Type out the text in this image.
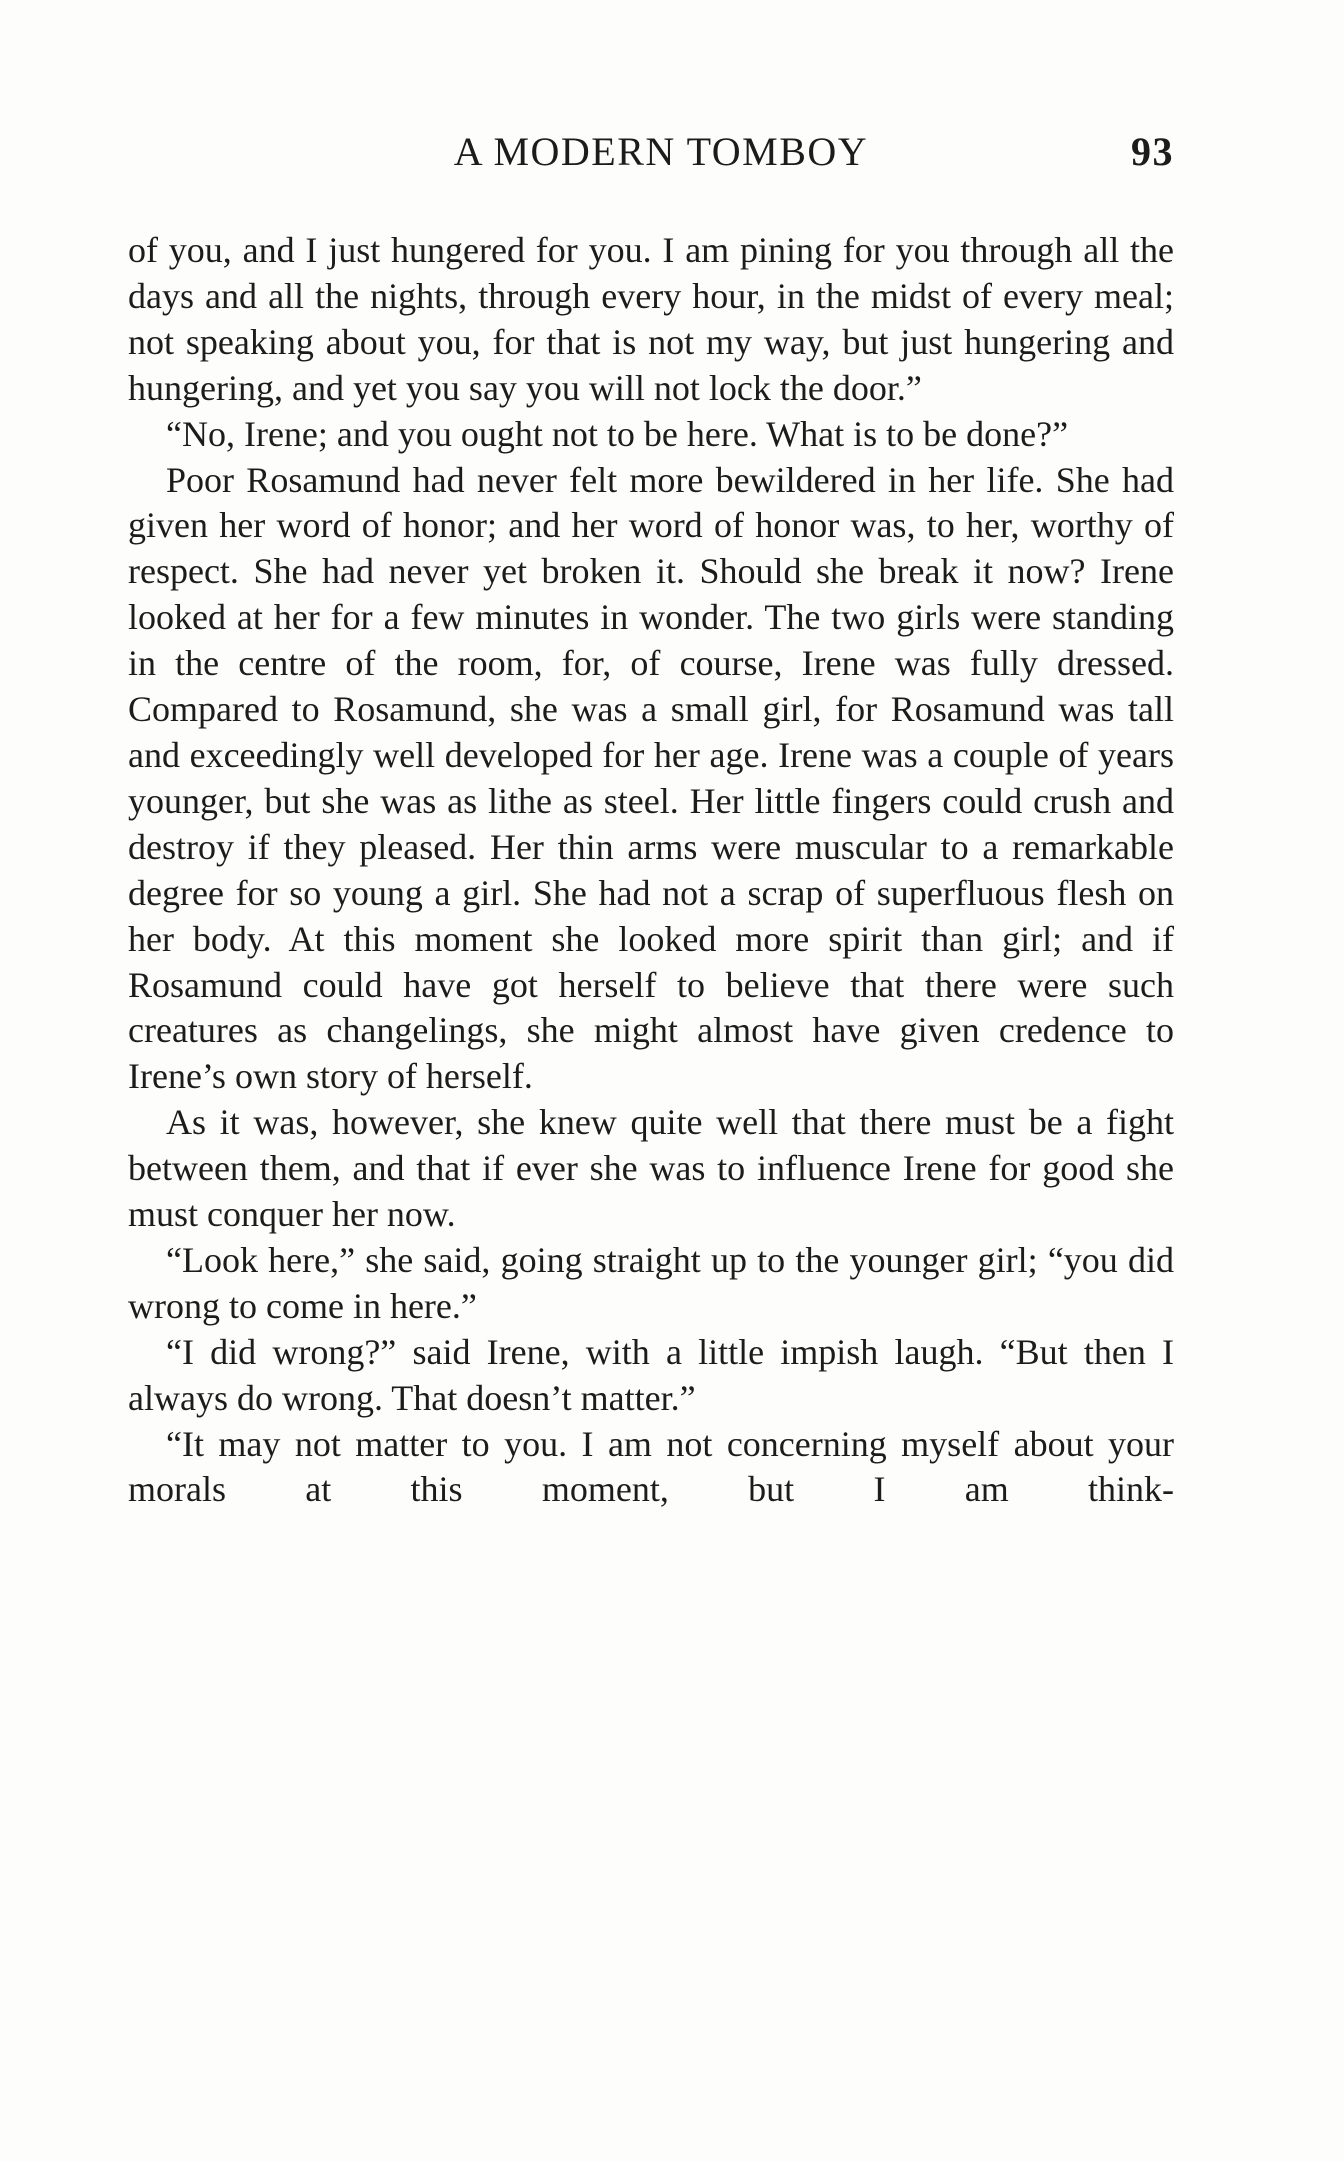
A MODERN TOMBOY	93

of you, and I just hungered for you. I am pining for you through all the days and all the nights, through every hour, in the midst of every meal; not speaking about you, for that is not my way, but just hungering and hungering, and yet you say you will not lock the door.”

“No, Irene; and you ought not to be here. What is to be done?”

Poor Rosamund had never felt more bewildered in her life. She had given her word of honor; and her word of honor was, to her, worthy of respect. She had never yet broken it. Should she break it now? Irene looked at her for a few minutes in wonder. The two girls were standing in the centre of the room, for, of course, Irene was fully dressed. Compared to Rosamund, she was a small girl, for Rosamund was tall and exceedingly well developed for her age. Irene was a couple of years younger, but she was as lithe as steel. Her little fingers could crush and destroy if they pleased. Her thin arms were muscular to a remarkable degree for so young a girl. She had not a scrap of superfluous flesh on her body. At this moment she looked more spirit than girl; and if Rosamund could have got herself to believe that there were such creatures as changelings, she might almost have given credence to Irene’s own story of herself.

As it was, however, she knew quite well that there must be a fight between them, and that if ever she was to influence Irene for good she must conquer her now.

“Look here,” she said, going straight up to the younger girl; “you did wrong to come in here.”

“I did wrong?” said Irene, with a little impish laugh. “But then I always do wrong. That doesn’t matter.”

“It may not matter to you. I am not concerning myself about your morals at this moment, but I am think-
